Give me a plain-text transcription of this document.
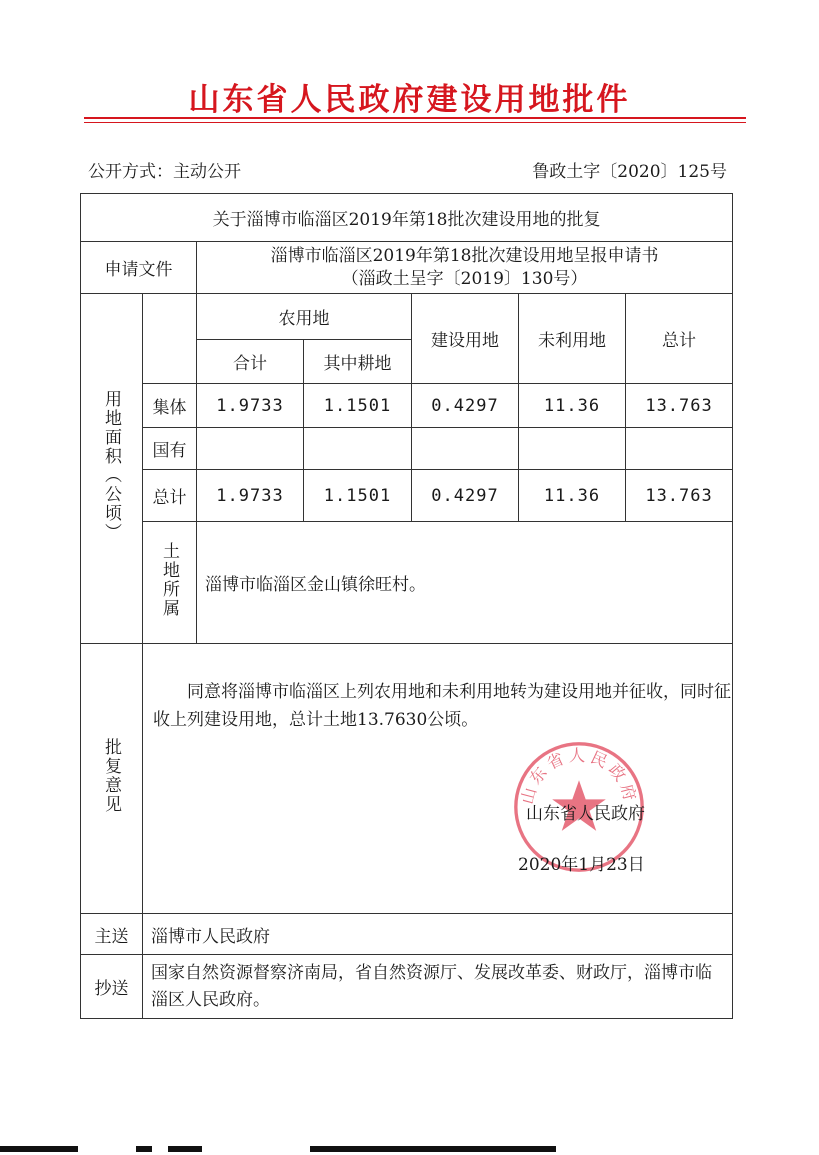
山东省人民政府建设用地批件
公开方式：主动公开	鲁政土字〔2020〕125号
关于淄博市临淄区2019年第18批次建设用地的批复						
申请文件		淄博市临淄区2019年第18批次建设用地呈报申请书
（淄政土呈字〔2019〕130号）				

用地面积（公顷）		农用地		建设用地	未利用地	总计
		合计	其中耕地			
	集体	1.9733	1.1501	0.4297	11.36	13.763
	国有					
	总计	1.9733	1.1501	0.4297	11.36	13.763
	土地所属	淄博市临淄区金山镇徐旺村。				
批复意见	同意将淄博市临淄区上列农用地和未利用地转为建设用地并征收，同时征收上列建设用地，总计土地13.7630公顷。
山东省人民政府
山东省人民政府
2020年1月23日					

主送	淄博市人民政府					
抄送	国家自然资源督察济南局，省自然资源厅、发展改革委、财政厅，淄博市临淄区人民政府。					
